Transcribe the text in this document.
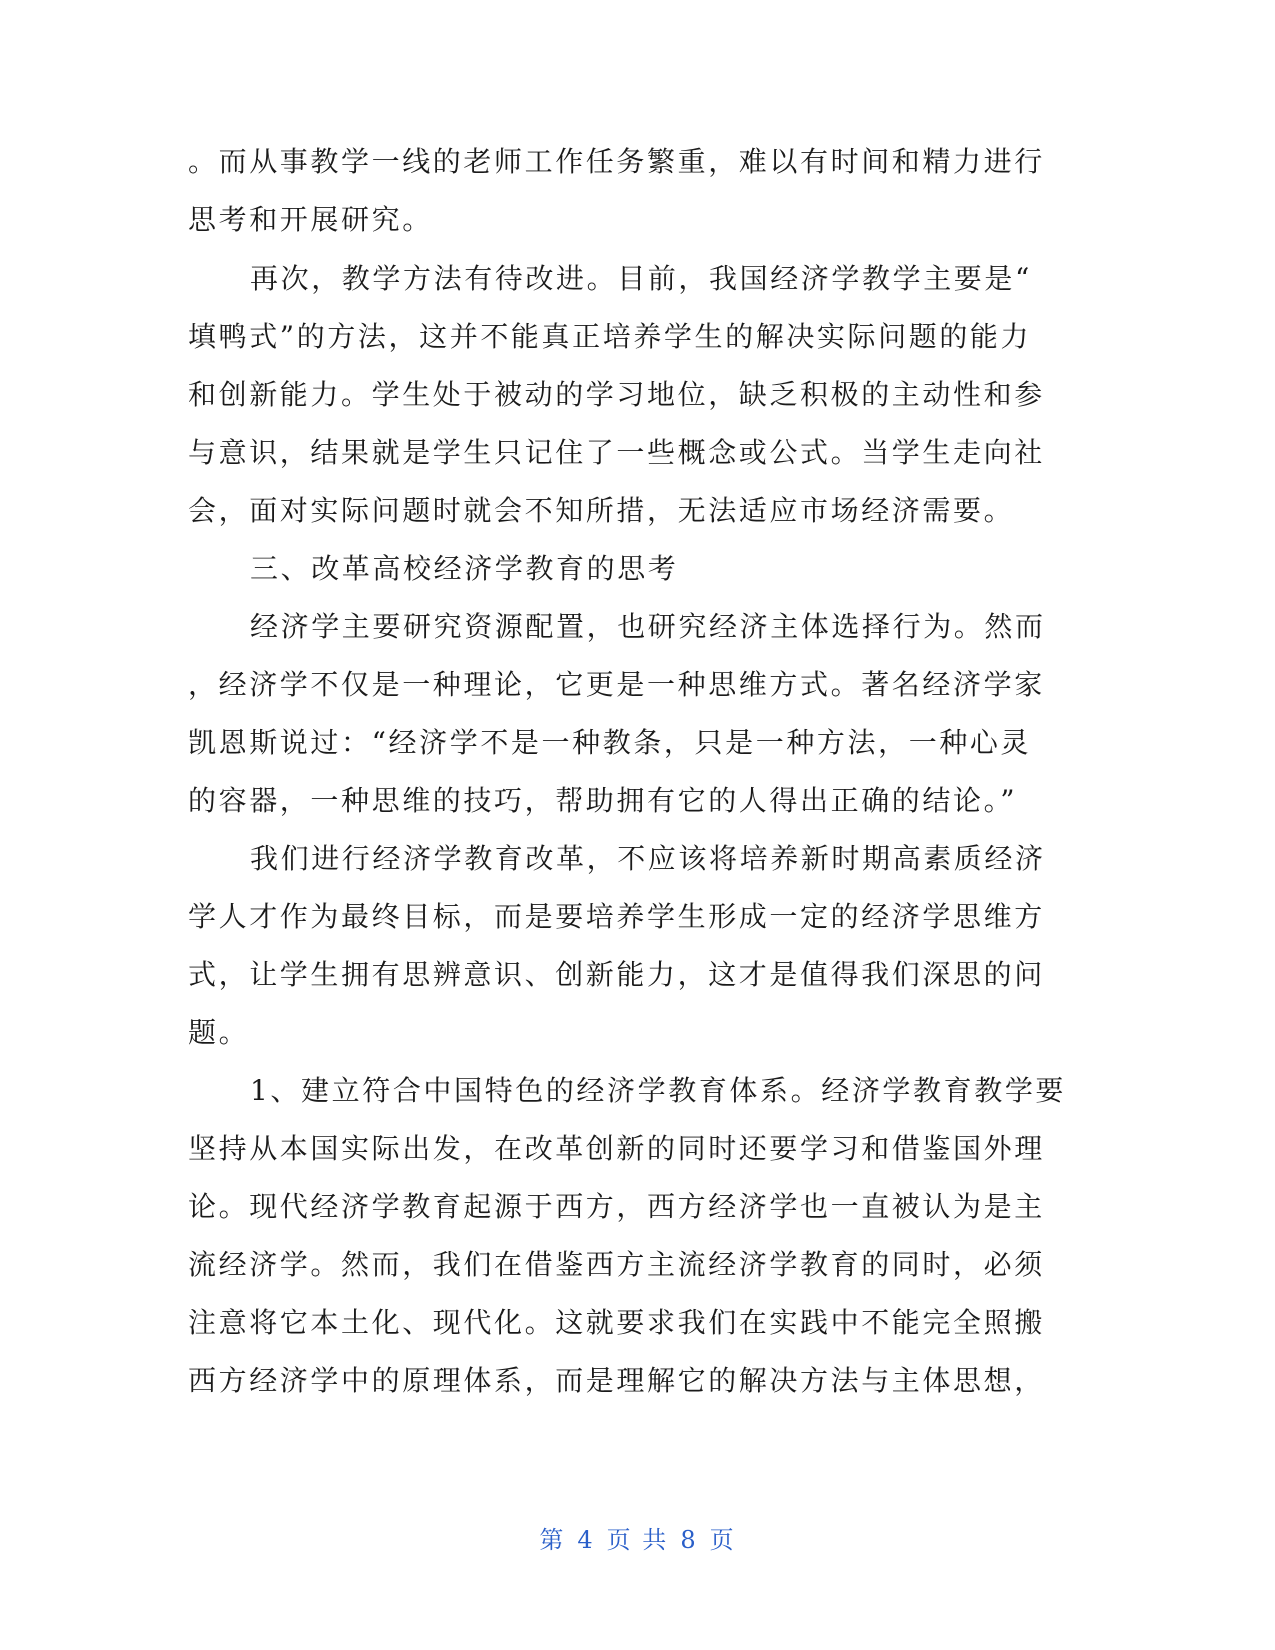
。而从事教学一线的老师工作任务繁重，难以有时间和精力进行
思考和开展研究。
再次，教学方法有待改进。目前，我国经济学教学主要是“
填鸭式”的方法，这并不能真正培养学生的解决实际问题的能力
和创新能力。学生处于被动的学习地位，缺乏积极的主动性和参
与意识，结果就是学生只记住了一些概念或公式。当学生走向社
会，面对实际问题时就会不知所措，无法适应市场经济需要。
三、改革高校经济学教育的思考
经济学主要研究资源配置，也研究经济主体选择行为。然而
，经济学不仅是一种理论，它更是一种思维方式。著名经济学家
凯恩斯说过：“经济学不是一种教条，只是一种方法，一种心灵
的容器，一种思维的技巧，帮助拥有它的人得出正确的结论。”
我们进行经济学教育改革，不应该将培养新时期高素质经济
学人才作为最终目标，而是要培养学生形成一定的经济学思维方
式，让学生拥有思辨意识、创新能力，这才是值得我们深思的问
题。
1、建立符合中国特色的经济学教育体系。经济学教育教学要
坚持从本国实际出发，在改革创新的同时还要学习和借鉴国外理
论。现代经济学教育起源于西方，西方经济学也一直被认为是主
流经济学。然而，我们在借鉴西方主流经济学教育的同时，必须
注意将它本土化、现代化。这就要求我们在实践中不能完全照搬
西方经济学中的原理体系，而是理解它的解决方法与主体思想，
第 4 页 共 8 页
